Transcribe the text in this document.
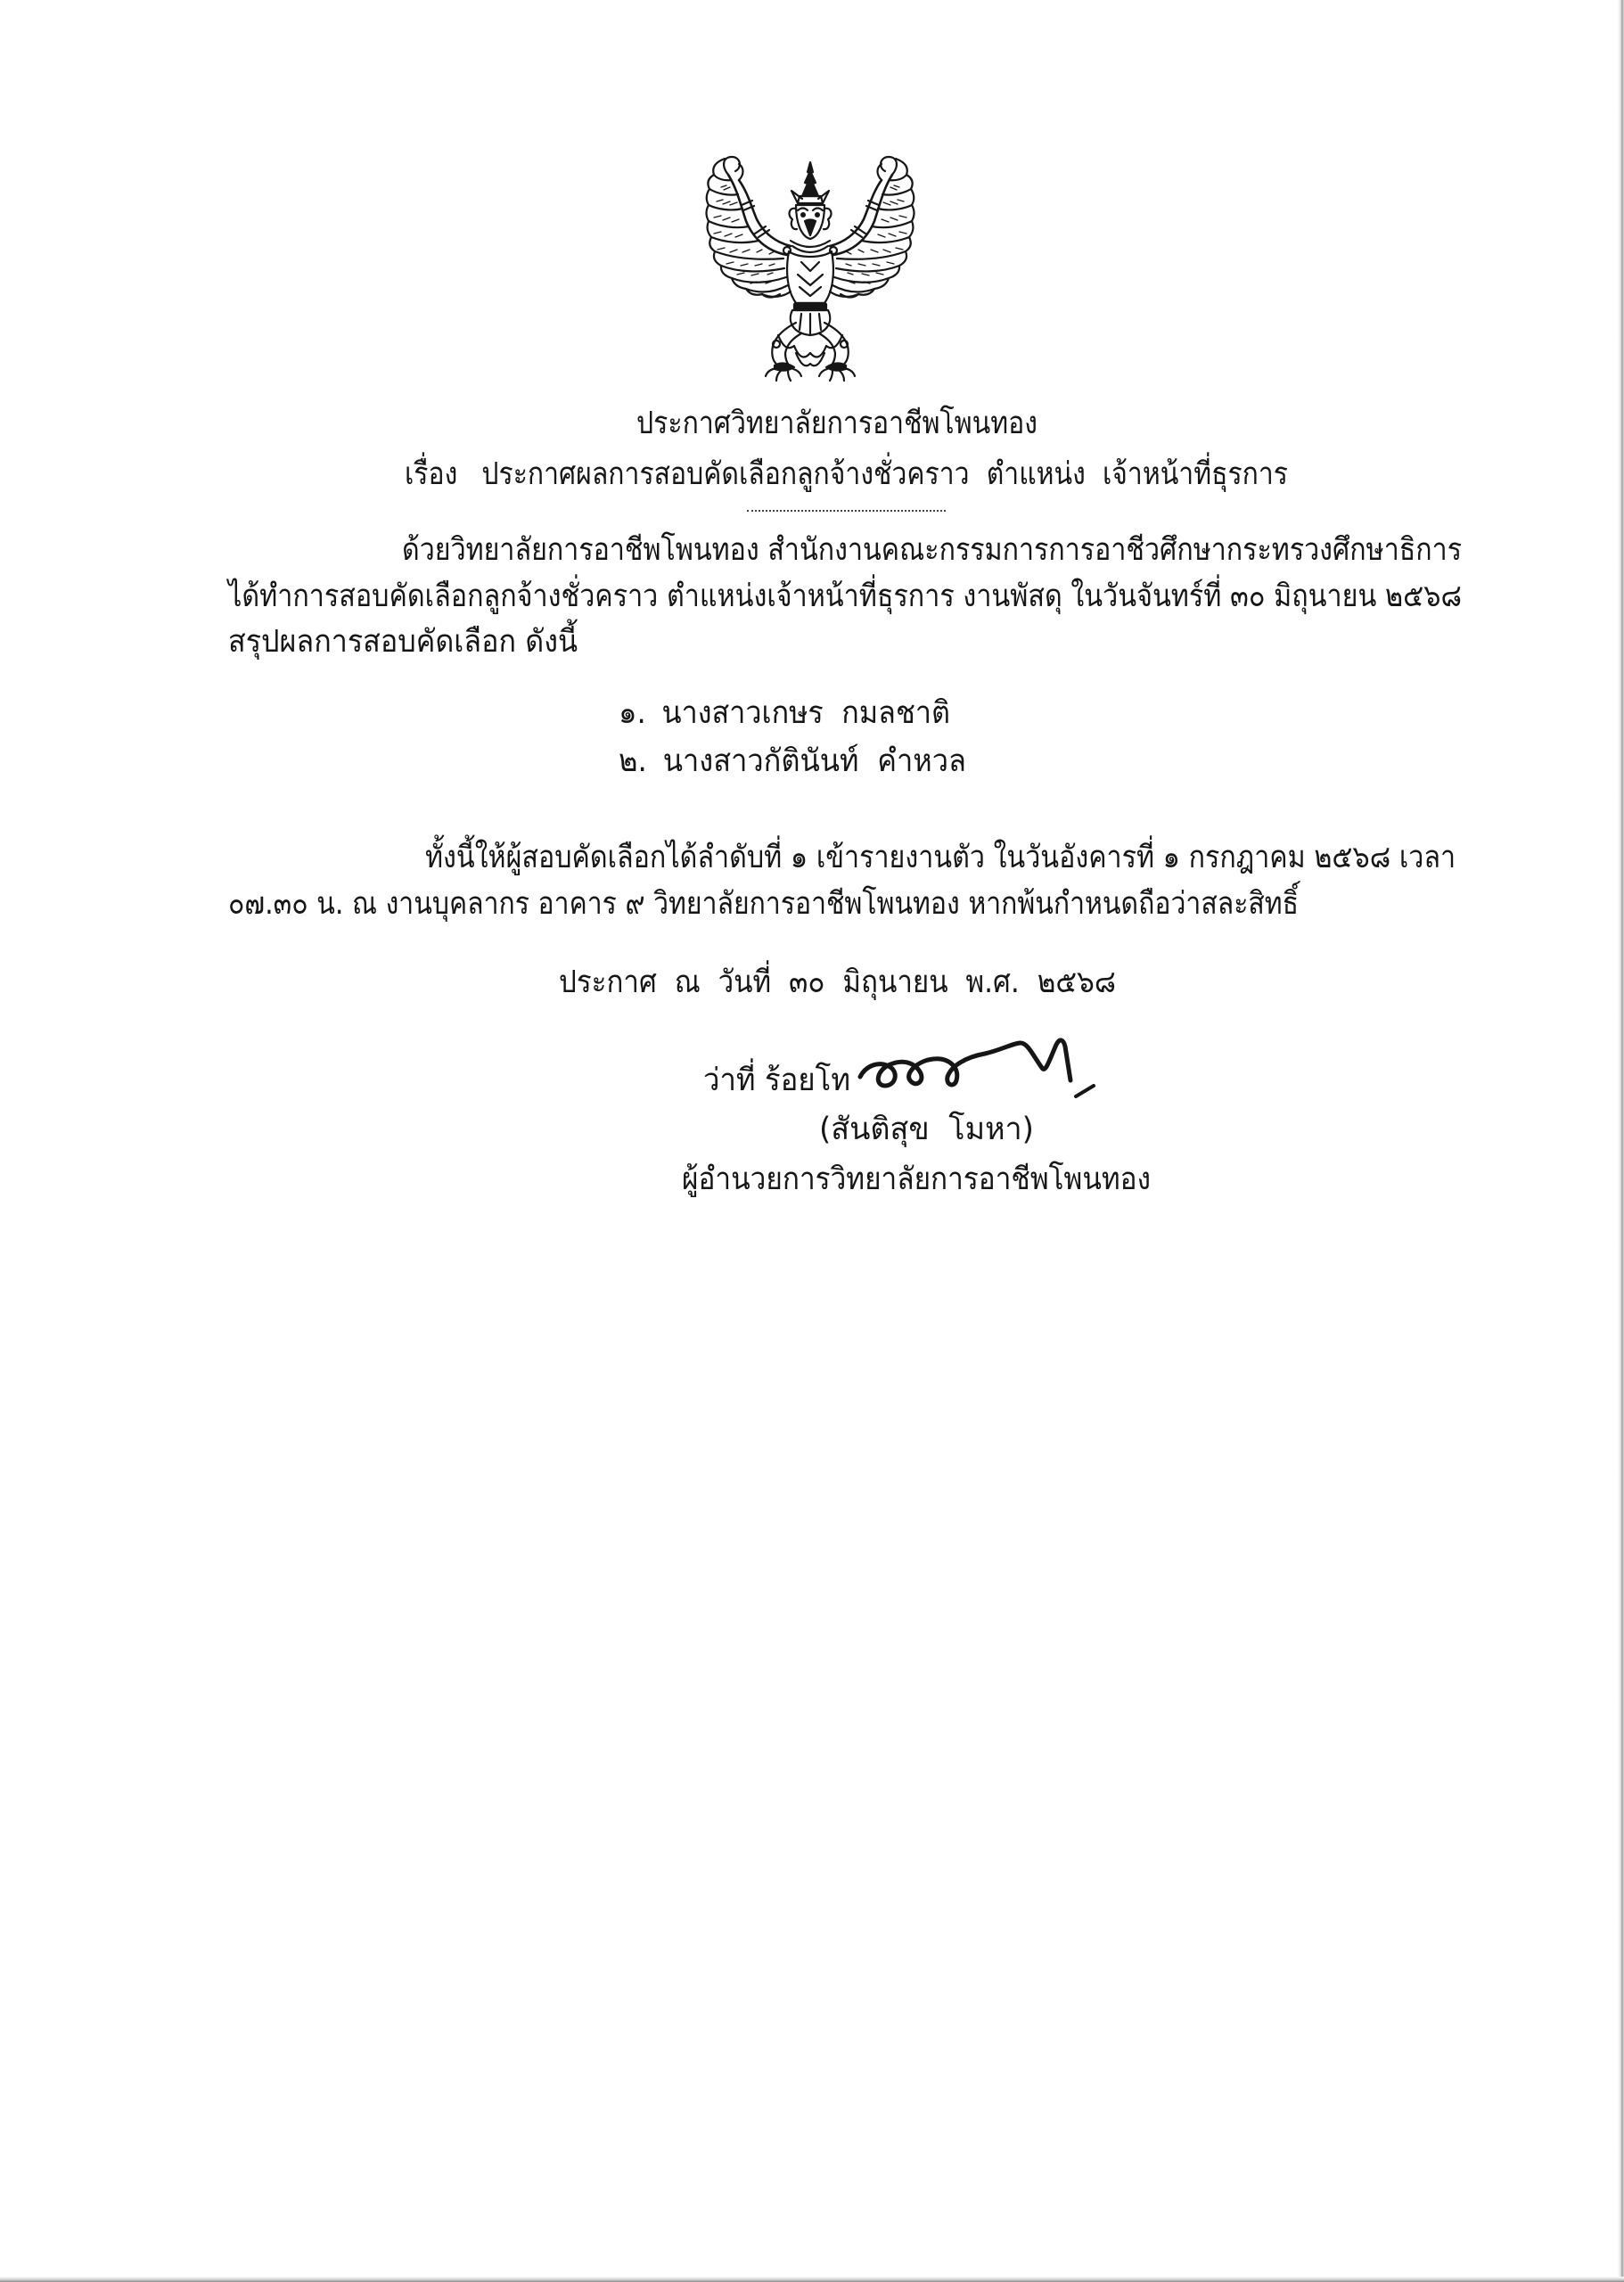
ประกาศวิทยาลัยการอาชีพโพนทอง
เรื่อง ประกาศผลการสอบคัดเลือกลูกจ้างชั่วคราว  ตำแหน่ง  เจ้าหน้าที่ธุรการ
ด้วยวิทยาลัยการอาชีพโพนทอง สำนักงานคณะกรรมการการอาชีวศึกษากระทรวงศึกษาธิการ
ได้ทำการสอบคัดเลือกลูกจ้างชั่วคราว ตำแหน่งเจ้าหน้าที่ธุรการ งานพัสดุ ในวันจันทร์ที่ ๓๐ มิถุนายน ๒๕๖๘
สรุปผลการสอบคัดเลือก ดังนี้
๑. นางสาวเกษร  กมลชาติ
๒. นางสาวกัตินันท์  คำหวล
ทั้งนี้ให้ผู้สอบคัดเลือกได้ลำดับที่ ๑ เข้ารายงานตัว ในวันอังคารที่ ๑ กรกฎาคม ๒๕๖๘ เวลา
๐๗.๓๐ น. ณ งานบุคลากร อาคาร ๙ วิทยาลัยการอาชีพโพนทอง หากพ้นกำหนดถือว่าสละสิทธิ์
ประกาศ  ณ  วันที่  ๓๐  มิถุนายน  พ.ศ.  ๒๕๖๘
ว่าที่ ร้อยโท
(สันติสุข  โมหา)
ผู้อำนวยการวิทยาลัยการอาชีพโพนทอง
